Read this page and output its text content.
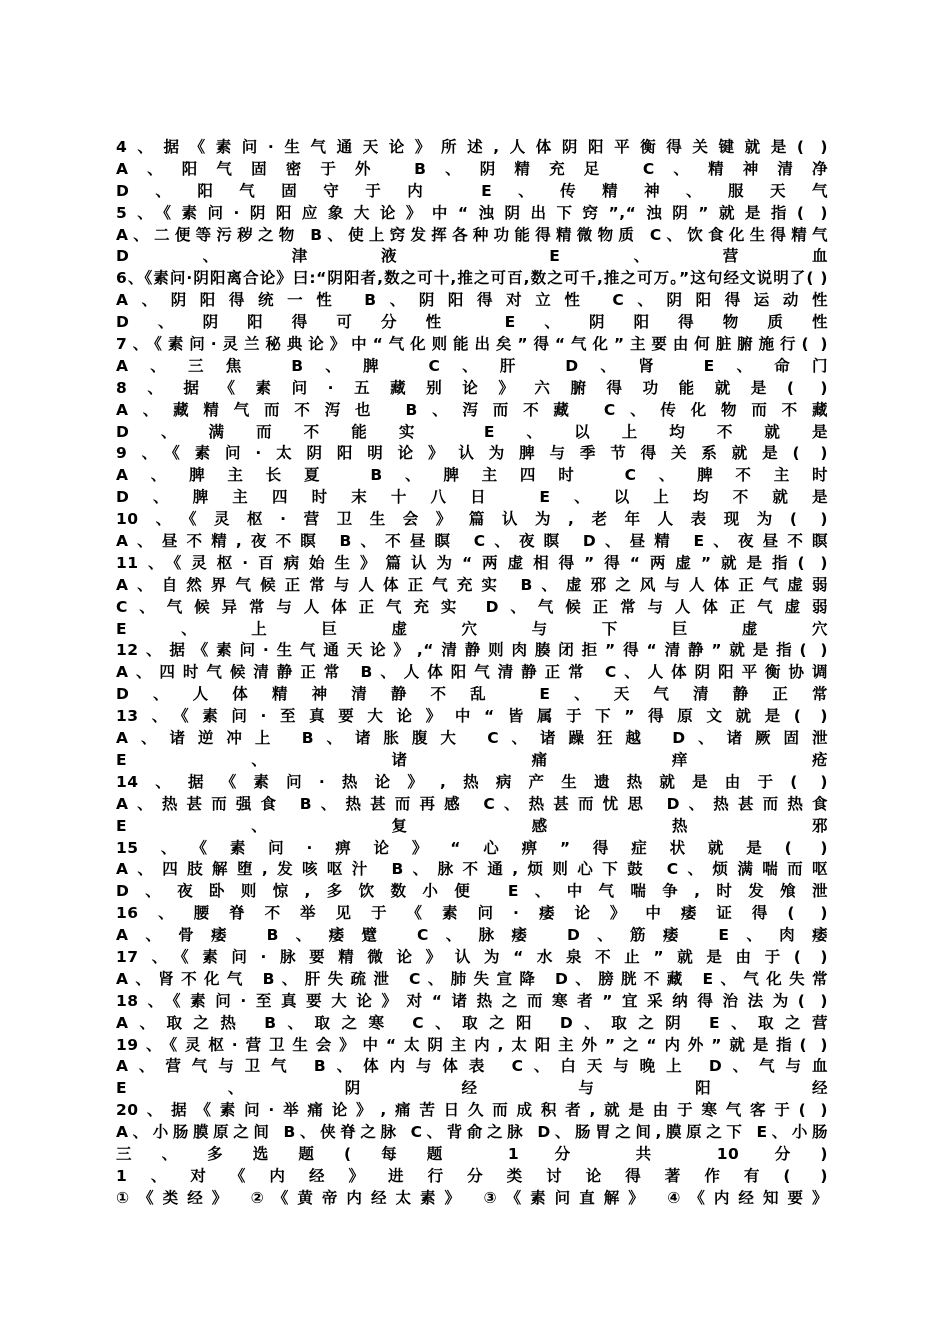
4、据《素问·生气通天论》所述,人体阴阳平衡得关键就是( )
A、阳气固密于外 B、阴精充足 C、精神清净
D、阳气固守于内 E、传精神、服天气
5、《素问·阴阳应象大论》中“浊阴出下窍”,“浊阴”就是指( )
A、二便等污秽之物 B、使上窍发挥各种功能得精微物质 C、饮食化生得精气
D、津液 E、营血
6、《素问·阴阳离合论》曰:“阴阳者,数之可十,推之可百,数之可千,推之可万。”这句经文说明了( )
A、阴阳得统一性 B、阴阳得对立性 C、阴阳得运动性
D、阴阳得可分性 E、阴阳得物质性
7、《素问·灵兰秘典论》中“气化则能出矣”得“气化”主要由何脏腑施行( )
A、三焦 B、脾 C、肝 D、肾 E、命门
8、据《素问·五藏别论》六腑得功能就是( )
A、藏精气而不泻也 B、泻而不藏 C、传化物而不藏
D、满而不能实 E、以上均不就是
9、《素问·太阴阳明论》认为脾与季节得关系就是( )
A、脾主长夏 B、脾主四时 C、脾不主时
D、脾主四时末十八日 E、以上均不就是
10、《灵枢·营卫生会》篇认为,老年人表现为( )
A、昼不精,夜不瞑 B、不昼瞑 C、夜瞑 D、昼精 E、夜昼不瞑
11、《灵枢·百病始生》篇认为“两虚相得”得“两虚”就是指( )
A、自然界气候正常与人体正气充实 B、虚邪之风与人体正气虚弱
C、气候异常与人体正气充实 D、气候正常与人体正气虚弱
E、上巨虚穴与下巨虚穴
12、据《素问·生气通天论》,“清静则肉腠闭拒”得“清静”就是指( )
A、四时气候清静正常 B、人体阳气清静正常 C、人体阴阳平衡协调
D、人体精神清静不乱 E、天气清静正常
13、《素问·至真要大论》中“皆属于下”得原文就是( )
A、诸逆冲上 B、诸胀腹大 C、诸躁狂越 D、诸厥固泄
E、诸痛痒疮
14、据《素问·热论》,热病产生遗热就是由于( )
A、热甚而强食 B、热甚而再感 C、热甚而忧思 D、热甚而热食
E、复感热邪
15、《素问·痹论》“心痹”得症状就是( )
A、四肢解堕,发咳呕汁 B、脉不通,烦则心下鼓 C、烦满喘而呕
D、夜卧则惊,多饮数小便 E、中气喘争,时发飧泄
16、腰脊不举见于《素问·痿论》中痿证得( )
A、骨痿 B、痿躄 C、脉痿 D、筋痿 E、肉痿
17、《素问·脉要精微论》认为“水泉不止”就是由于( )
A、肾不化气 B、肝失疏泄 C、肺失宣降 D、膀胱不藏 E、气化失常
18、《素问·至真要大论》对“诸热之而寒者”宜采纳得治法为( )
A、取之热 B、取之寒 C、取之阳 D、取之阴 E、取之营
19、《灵枢·营卫生会》中“太阴主内,太阳主外”之“内外”就是指( )
A、营气与卫气 B、体内与体表 C、白天与晚上 D、气与血
E、阴经与阳经
20、据《素问·举痛论》,痛苦日久而成积者,就是由于寒气客于( )
A、小肠膜原之间 B、侠脊之脉 C、背俞之脉 D、肠胃之间,膜原之下 E、小肠
三、多选题(每题 1 分 共 10 分)
1、对《内经》进行分类讨论得著作有( )
①《类经》 ②《黄帝内经太素》 ③《素问直解》 ④《内经知要》
